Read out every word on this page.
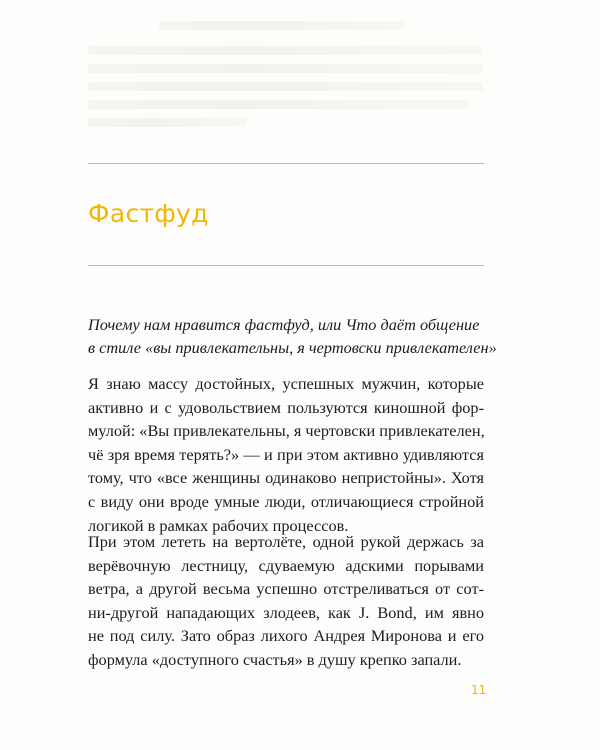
Фастфуд

Почему нам нравится фастфуд, или Что даёт общение
в стиле «вы привлекательны, я чертовски привлекателен»

Я знаю массу достойных, успешных мужчин, которые
активно и с удовольствием пользуются киношной фор-
мулой: «Вы привлекательны, я чертовски привлекателен,
чё зря время терять?» — и при этом активно удивляются
тому, что «все женщины одинаково непристойны». Хотя
с виду они вроде умные люди, отличающиеся стройной
логикой в рамках рабочих процессов.

При этом лететь на вертолёте, одной рукой держась за
верёвочную лестницу, сдуваемую адскими порывами
ветра, а другой весьма успешно отстреливаться от сот-
ни-другой нападающих злодеев, как J. Bond, им явно
не под силу. Зато образ лихого Андрея Миронова и его
формула «доступного счастья» в душу крепко запали.

11
